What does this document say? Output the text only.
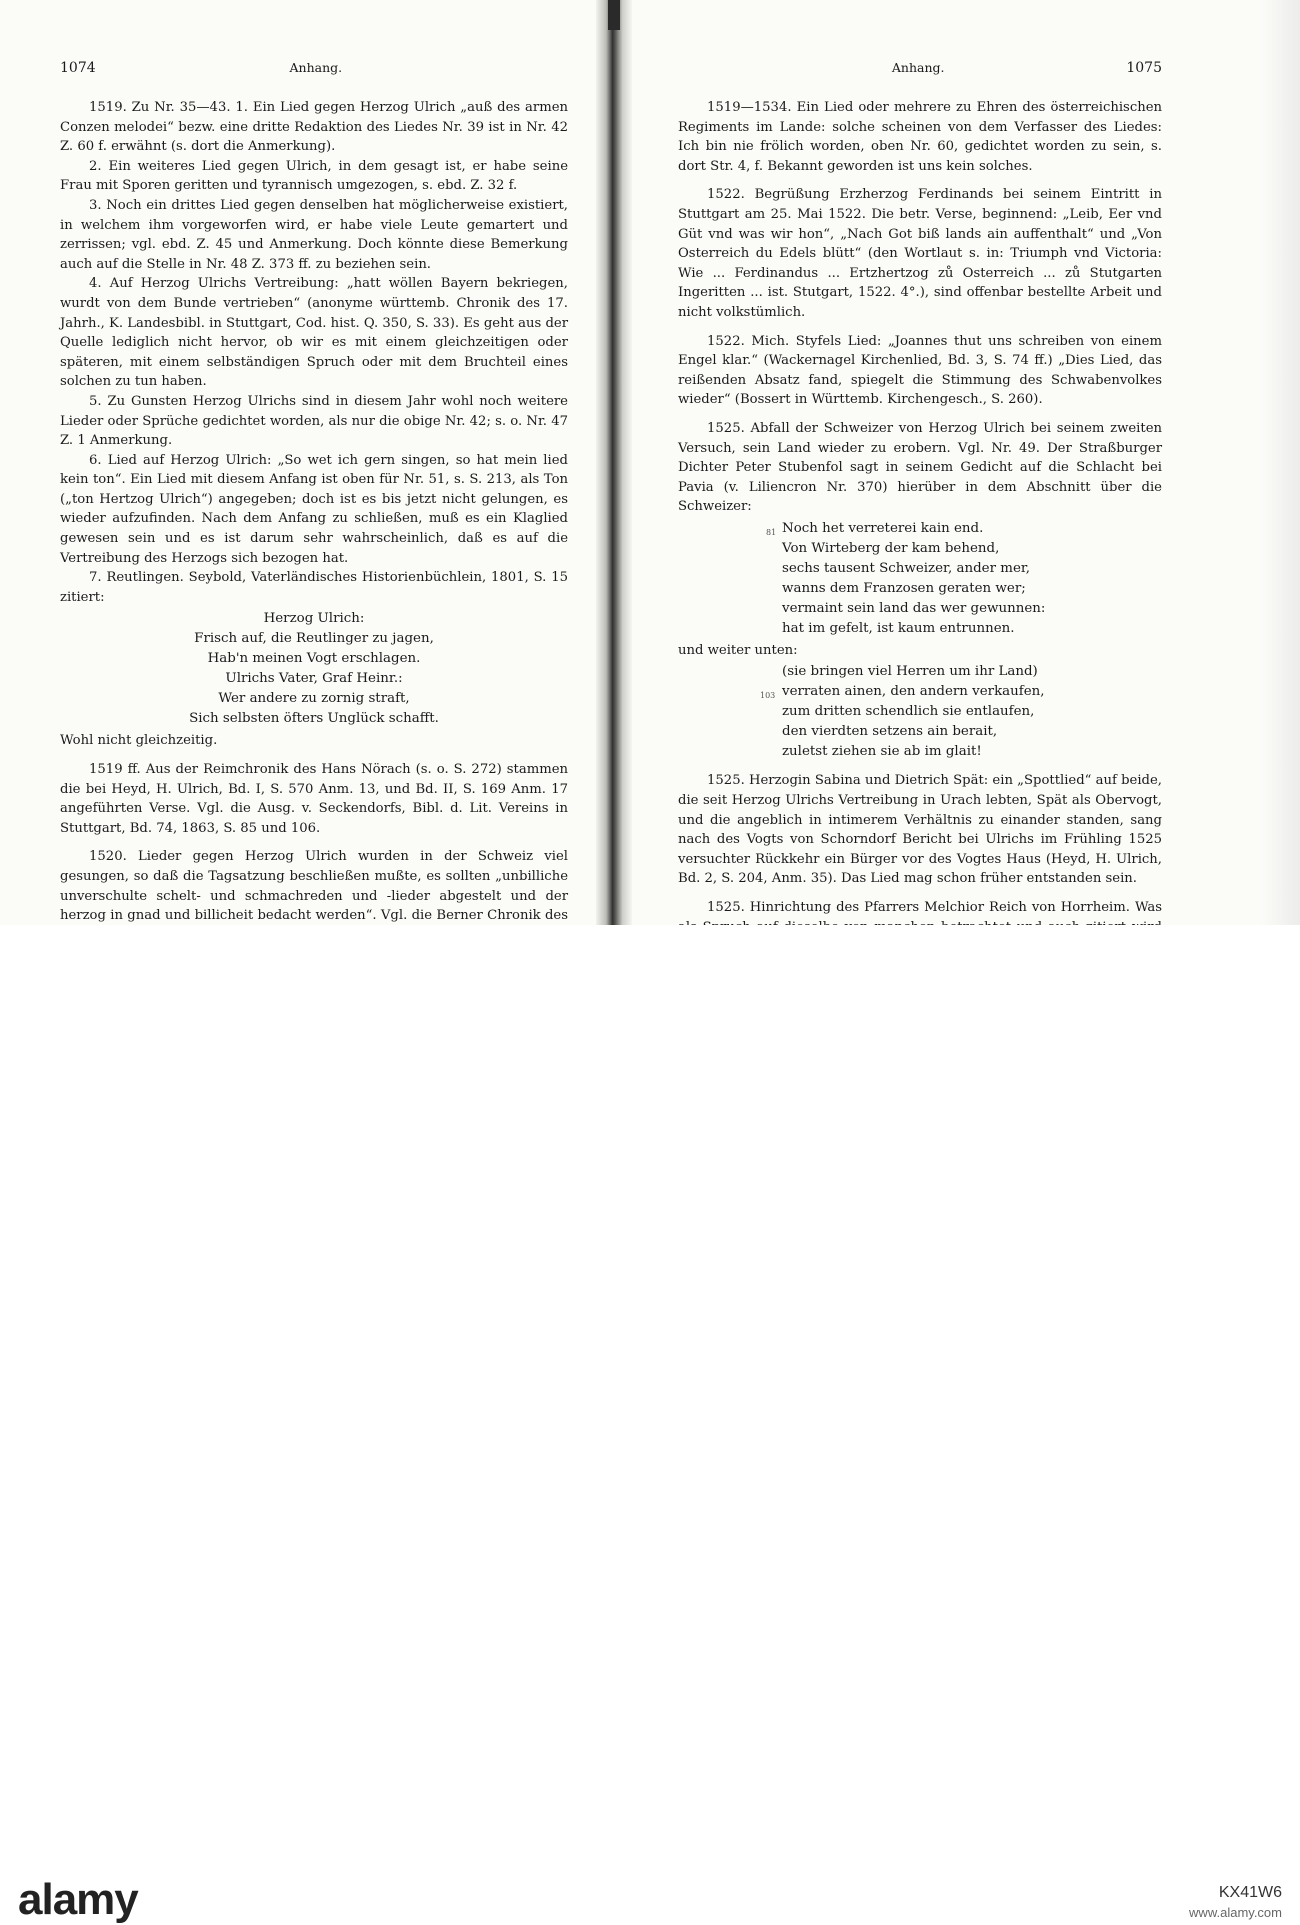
1074	Anhang.

1519. Zu Nr. 35—43. 1. Ein Lied gegen Herzog Ulrich „auß des armen Conzen melodei“ bezw. eine dritte Redaktion des Liedes Nr. 39 ist in Nr. 42 Z. 60 f. erwähnt (s. dort die Anmerkung).

2. Ein weiteres Lied gegen Ulrich, in dem gesagt ist, er habe seine Frau mit Sporen geritten und tyrannisch umgezogen, s. ebd. Z. 32 f.

3. Noch ein drittes Lied gegen denselben hat möglicherweise existiert, in welchem ihm vorgeworfen wird, er habe viele Leute gemartert und zerrissen; vgl. ebd. Z. 45 und Anmerkung. Doch könnte diese Bemerkung auch auf die Stelle in Nr. 48 Z. 373 ff. zu beziehen sein.

4. Auf Herzog Ulrichs Vertreibung: „hatt wöllen Bayern bekriegen, wurdt von dem Bunde vertrieben“ (anonyme württemb. Chronik des 17. Jahrh., K. Landesbibl. in Stuttgart, Cod. hist. Q. 350, S. 33). Es geht aus der Quelle lediglich nicht hervor, ob wir es mit einem gleichzeitigen oder späteren, mit einem selbständigen Spruch oder mit dem Bruchteil eines solchen zu tun haben.

5. Zu Gunsten Herzog Ulrichs sind in diesem Jahr wohl noch weitere Lieder oder Sprüche gedichtet worden, als nur die obige Nr. 42; s. o. Nr. 47 Z. 1 Anmerkung.

6. Lied auf Herzog Ulrich: „So wet ich gern singen, so hat mein lied kein ton“. Ein Lied mit diesem Anfang ist oben für Nr. 51, s. S. 213, als Ton („ton Hertzog Ulrich“) angegeben; doch ist es bis jetzt nicht gelungen, es wieder aufzufinden. Nach dem Anfang zu schließen, muß es ein Klaglied gewesen sein und es ist darum sehr wahrscheinlich, daß es auf die Vertreibung des Herzogs sich bezogen hat.

7. Reutlingen. Seybold, Vaterländisches Historienbüchlein, 1801, S. 15 zitiert:

Herzog Ulrich:
Frisch auf, die Reutlinger zu jagen,
Hab'n meinen Vogt erschlagen.
Ulrichs Vater, Graf Heinr.:
Wer andere zu zornig straft,
Sich selbsten öfters Unglück schafft.

Wohl nicht gleichzeitig.

1519 ff. Aus der Reimchronik des Hans Nörach (s. o. S. 272) stammen die bei Heyd, H. Ulrich, Bd. I, S. 570 Anm. 13, und Bd. II, S. 169 Anm. 17 angeführten Verse. Vgl. die Ausg. v. Seckendorfs, Bibl. d. Lit. Vereins in Stuttgart, Bd. 74, 1863, S. 85 und 106.

1520. Lieder gegen Herzog Ulrich wurden in der Schweiz viel gesungen, so daß die Tagsatzung beschließen mußte, es sollten „unbilliche unverschulte schelt- und schmachreden und -lieder abgestelt und der herzog in gnad und billicheit bedacht werden“. Vgl. die Berner Chronik des

Anhang.	1075

1519—1534. Ein Lied oder mehrere zu Ehren des österreichischen Regiments im Lande: solche scheinen von dem Verfasser des Liedes: Ich bin nie frölich worden, oben Nr. 60, gedichtet worden zu sein, s. dort Str. 4, f. Bekannt geworden ist uns kein solches.

1522. Begrüßung Erzherzog Ferdinands bei seinem Eintritt in Stuttgart am 25. Mai 1522. Die betr. Verse, beginnend: „Leib, Eer vnd Güt vnd was wir hon“, „Nach Got biß lands ain auffenthalt“ und „Von Osterreich du Edels blütt“ (den Wortlaut s. in: Triumph vnd Victoria: Wie ... Ferdinandus ... Ertzhertzog zů Osterreich ... zů Stutgarten Ingeritten ... ist. Stutgart, 1522. 4°.), sind offenbar bestellte Arbeit und nicht volkstümlich.

1522. Mich. Styfels Lied: „Joannes thut uns schreiben von einem Engel klar.“ (Wackernagel Kirchenlied, Bd. 3, S. 74 ff.) „Dies Lied, das reißenden Absatz fand, spiegelt die Stimmung des Schwabenvolkes wieder“ (Bossert in Württemb. Kirchengesch., S. 260).

1525. Abfall der Schweizer von Herzog Ulrich bei seinem zweiten Versuch, sein Land wieder zu erobern. Vgl. Nr. 49. Der Straßburger Dichter Peter Stubenfol sagt in seinem Gedicht auf die Schlacht bei Pavia (v. Liliencron Nr. 370) hierüber in dem Abschnitt über die Schweizer:

81 Noch het verreterei kain end.
Von Wirteberg der kam behend,
sechs tausent Schweizer, ander mer,
wanns dem Franzosen geraten wer;
vermaint sein land das wer gewunnen:
hat im gefelt, ist kaum entrunnen.

und weiter unten:

(sie bringen viel Herren um ihr Land)
103 verraten ainen, den andern verkaufen,
zum dritten schendlich sie entlaufen,
den vierdten setzens ain berait,
zuletst ziehen sie ab im glait!

1525. Herzogin Sabina und Dietrich Spät: ein „Spottlied“ auf beide, die seit Herzog Ulrichs Vertreibung in Urach lebten, Spät als Obervogt, und die angeblich in intimerem Verhältnis zu einander standen, sang nach des Vogts von Schorndorf Bericht bei Ulrichs im Frühling 1525 versuchter Rückkehr ein Bürger vor des Vogtes Haus (Heyd, H. Ulrich, Bd. 2, S. 204, Anm. 35). Das Lied mag schon früher entstanden sein.

1525. Hinrichtung des Pfarrers Melchior Reich von Horrheim. Was

alamy	KX41W6
www.alamy.com
